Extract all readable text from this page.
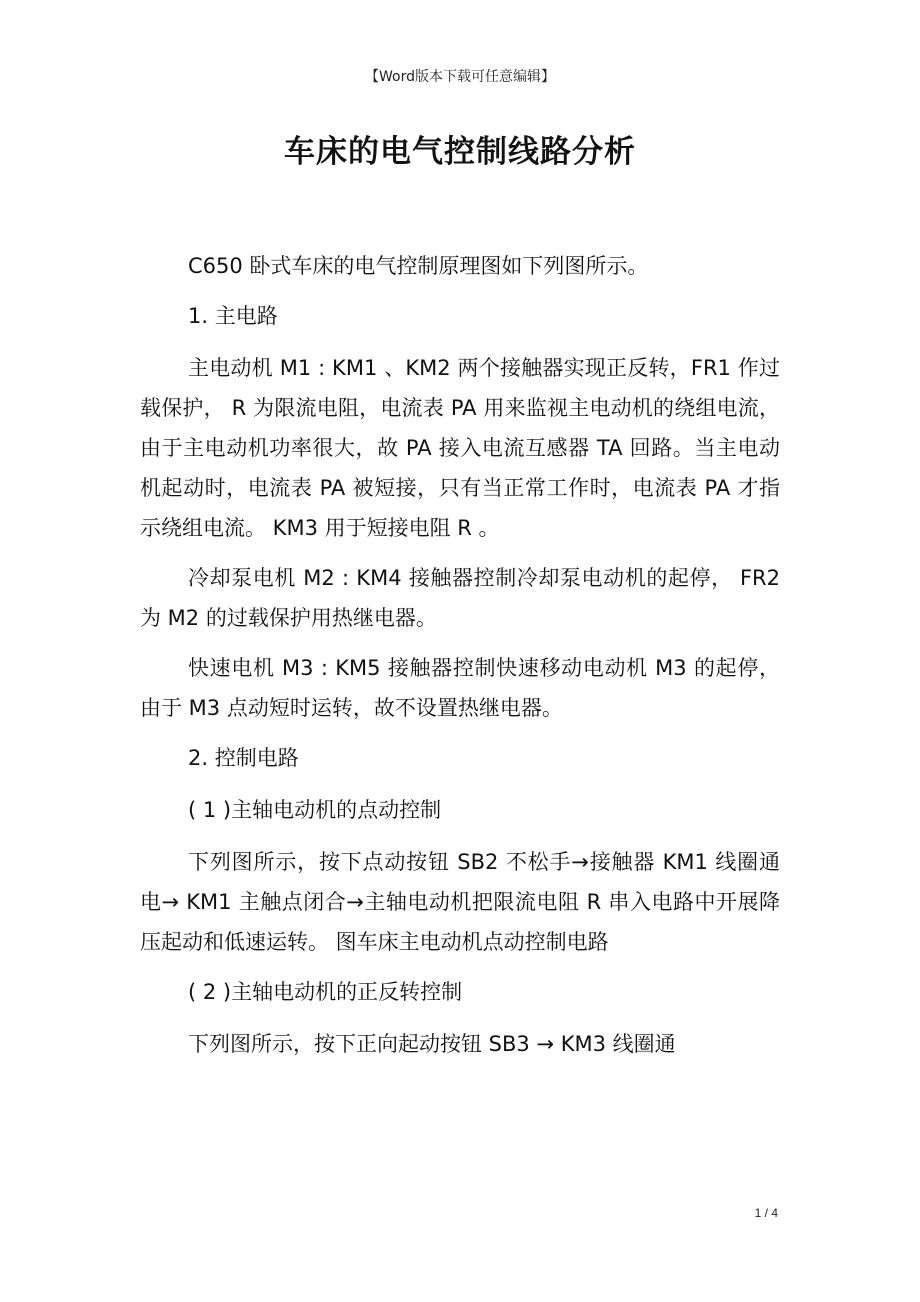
【Word版本下载可任意编辑】
车床的电气控制线路分析

C650 卧式车床的电气控制原理图如下列图所示。

1. 主电路

主电动机 M1 : KM1 、KM2 两个接触器实现正反转，FR1 作过载保护， R 为限流电阻，电流表 PA 用来监视主电动机的绕组电流，由于主电动机功率很大，故 PA 接入电流互感器 TA 回路。当主电动机起动时，电流表 PA 被短接，只有当正常工作时，电流表 PA 才指示绕组电流。 KM3 用于短接电阻 R 。

冷却泵电机 M2 : KM4 接触器控制冷却泵电动机的起停， FR2 为 M2 的过载保护用热继电器。

快速电机 M3 : KM5 接触器控制快速移动电动机 M3 的起停，由于 M3 点动短时运转，故不设置热继电器。

2. 控制电路

( 1 )主轴电动机的点动控制

下列图所示，按下点动按钮 SB2 不松手→接触器 KM1 线圈通电→ KM1 主触点闭合→主轴电动机把限流电阻 R 串入电路中开展降压起动和低速运转。 图车床主电动机点动控制电路

( 2 )主轴电动机的正反转控制

下列图所示，按下正向起动按钮 SB3 → KM3 线圈通

1 / 4
